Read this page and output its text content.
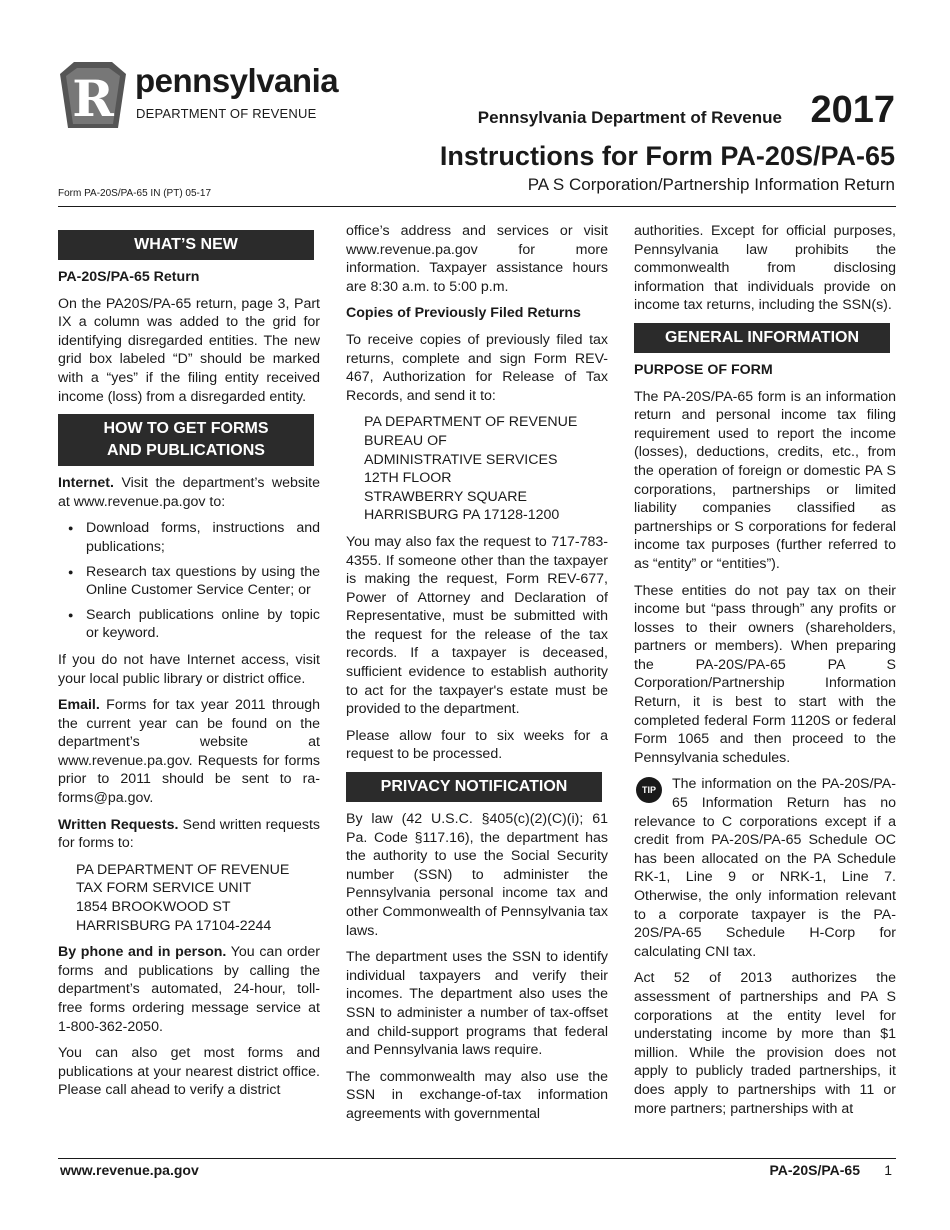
R pennsylvania
DEPARTMENT OF REVENUE	Pennsylvania Department of Revenue 2017
Instructions for Form PA-20S/PA-65
PA S Corporation/Partnership Information Return
Form PA-20S/PA-65 IN (PT) 05-17
WHAT’S NEW

PA-20S/PA-65 Return

On the PA20S/PA-65 return, page 3, Part IX a column was added to the grid for identifying disregarded entities. The new grid box labeled “D” should be marked with a “yes” if the filing entity received income (loss) from a disregarded entity.

HOW TO GET FORMS
AND PUBLICATIONS

Internet. Visit the department’s website at www.revenue.pa.gov to:

● Download forms, instructions and publications;
● Research tax questions by using the Online Customer Service Center; or
● Search publications online by topic or keyword.

If you do not have Internet access, visit your local public library or district office.

Email. Forms for tax year 2011 through the current year can be found on the department’s website at www.revenue.pa.gov. Requests for forms prior to 2011 should be sent to ra-forms@pa.gov.

Written Requests. Send written requests for forms to:

PA DEPARTMENT OF REVENUE
TAX FORM SERVICE UNIT
1854 BROOKWOOD ST
HARRISBURG PA 17104-2244

By phone and in person. You can order forms and publications by calling the department’s automated, 24-hour, toll-free forms ordering message service at 1-800-362-2050.

You can also get most forms and publications at your nearest district office. Please call ahead to verify a district

office’s address and services or visit www.revenue.pa.gov for more information. Taxpayer assistance hours are 8:30 a.m. to 5:00 p.m.

Copies of Previously Filed Returns

To receive copies of previously filed tax returns, complete and sign Form REV-467, Authorization for Release of Tax Records, and send it to:

PA DEPARTMENT OF REVENUE
BUREAU OF
ADMINISTRATIVE SERVICES
12TH FLOOR
STRAWBERRY SQUARE
HARRISBURG PA 17128-1200

You may also fax the request to 717-783-4355. If someone other than the taxpayer is making the request, Form REV-677, Power of Attorney and Declaration of Representative, must be submitted with the request for the release of the tax records. If a taxpayer is deceased, sufficient evidence to establish authority to act for the taxpayer's estate must be provided to the department.

Please allow four to six weeks for a request to be processed.

PRIVACY NOTIFICATION

By law (42 U.S.C. §405(c)(2)(C)(i); 61 Pa. Code §117.16), the department has the authority to use the Social Security number (SSN) to administer the Pennsylvania personal income tax and other Commonwealth of Pennsylvania tax laws.

The department uses the SSN to identify individual taxpayers and verify their incomes. The department also uses the SSN to administer a number of tax-offset and child-support programs that federal and Pennsylvania laws require.

The commonwealth may also use the SSN in exchange-of-tax information agreements with governmental

authorities. Except for official purposes, Pennsylvania law prohibits the commonwealth from disclosing information that individuals provide on income tax returns, including the SSN(s).

GENERAL INFORMATION

PURPOSE OF FORM

The PA-20S/PA-65 form is an information return and personal income tax filing requirement used to report the income (losses), deductions, credits, etc., from the operation of foreign or domestic PA S corporations, partnerships or limited liability companies classified as partnerships or S corporations for federal income tax purposes (further referred to as “entity” or “entities”).

These entities do not pay tax on their income but “pass through” any profits or losses to their owners (shareholders, partners or members). When preparing the PA-20S/PA-65 PA S Corporation/Partnership Information Return, it is best to start with the completed federal Form 1120S or federal Form 1065 and then proceed to the Pennsylvania schedules.

TIP	The information on the PA-20S/PA-65 Information Return has no relevance to C corporations except if a credit from PA-20S/PA-65 Schedule OC has been allocated on the PA Schedule RK-1, Line 9 or NRK-1, Line 7. Otherwise, the only information relevant to a corporate taxpayer is the PA-20S/PA-65 Schedule H-Corp for calculating CNI tax.

Act 52 of 2013 authorizes the assessment of partnerships and PA S corporations at the entity level for understating income by more than $1 million. While the provision does not apply to publicly traded partnerships, it does apply to partnerships with 11 or more partners; partnerships with at

www.revenue.pa.gov	PA-20S/PA-65 1
